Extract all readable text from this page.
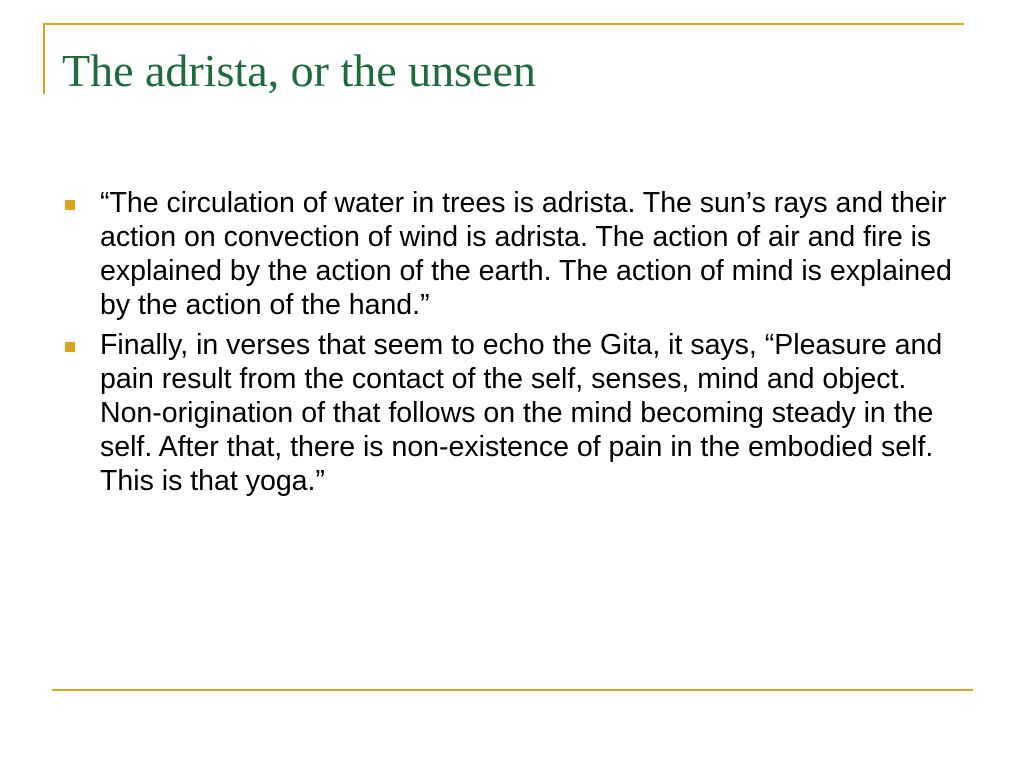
The adrista, or the unseen
“The circulation of water in trees is adrista. The sun’s rays and their action on convection of wind is adrista. The action of air and fire is explained by the action of the earth. The action of mind is explained by the action of the hand.”
Finally, in verses that seem to echo the Gita, it says, “Pleasure and pain result from the contact of the self, senses, mind and object. Non-origination of that follows on the mind becoming steady in the self. After that, there is non-existence of pain in the embodied self. This is that yoga.”
